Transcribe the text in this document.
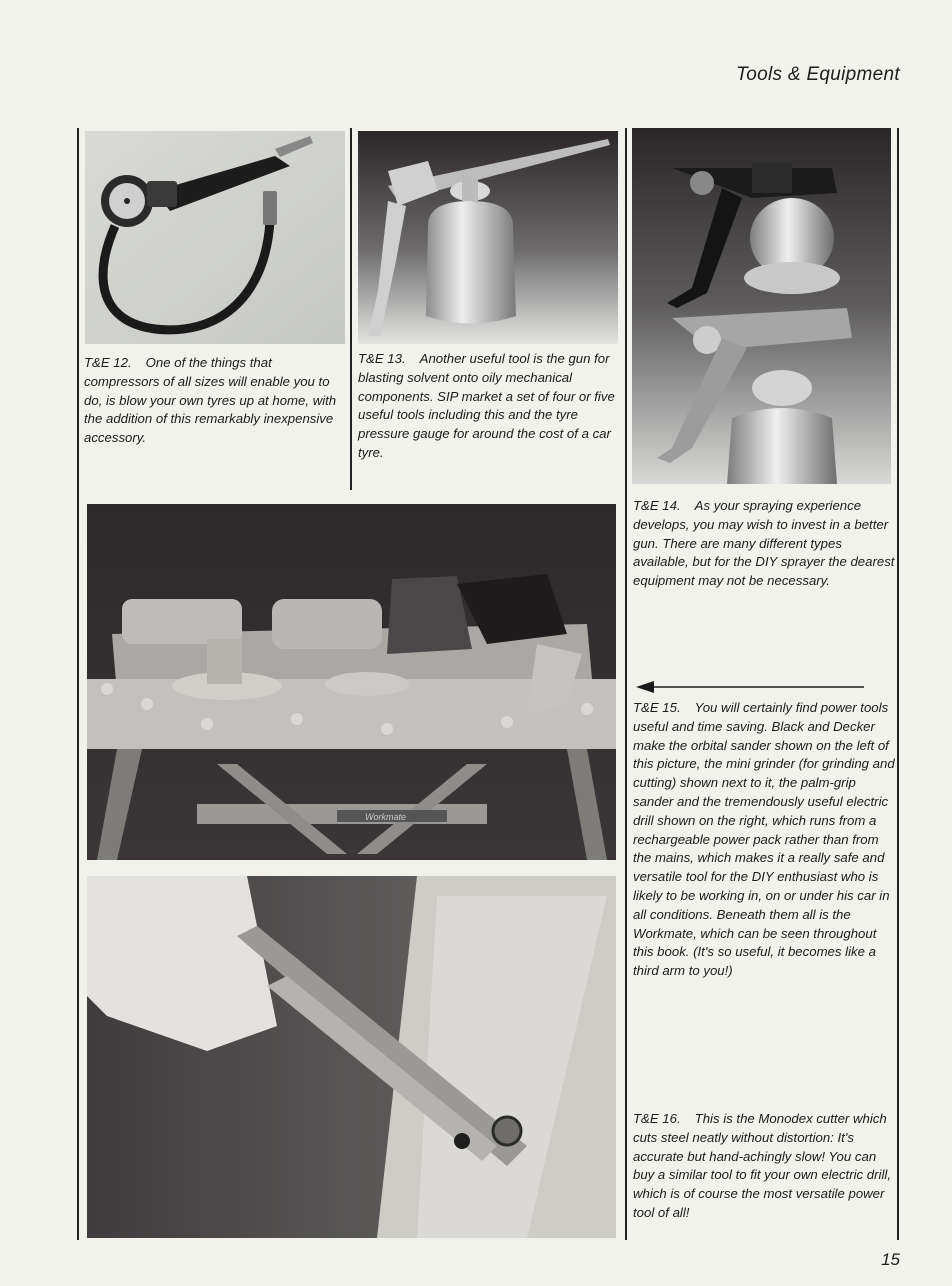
Tools & Equipment
Workmate
T&E 12. One of the things that compressors of all sizes will enable you to do, is blow your own tyres up at home, with the addition of this remarkably inexpensive accessory.
T&E 13. Another useful tool is the gun for blasting solvent onto oily mechanical components. SIP market a set of four or five useful tools including this and the tyre pressure gauge for around the cost of a car tyre.
T&E 14. As your spraying experience develops, you may wish to invest in a better gun. There are many different types available, but for the DIY sprayer the dearest equipment may not be necessary.
T&E 15. You will certainly find power tools useful and time saving. Black and Decker make the orbital sander shown on the left of this picture, the mini grinder (for grinding and cutting) shown next to it, the palm-grip sander and the tremendously useful electric drill shown on the right, which runs from a rechargeable power pack rather than from the mains, which makes it a really safe and versatile tool for the DIY enthusiast who is likely to be working in, on or under his car in all conditions. Beneath them all is the Workmate, which can be seen throughout this book. (It's so useful, it becomes like a third arm to you!)
T&E 16. This is the Monodex cutter which cuts steel neatly without distortion: It's accurate but hand-achingly slow! You can buy a similar tool to fit your own electric drill, which is of course the most versatile power tool of all!
15
